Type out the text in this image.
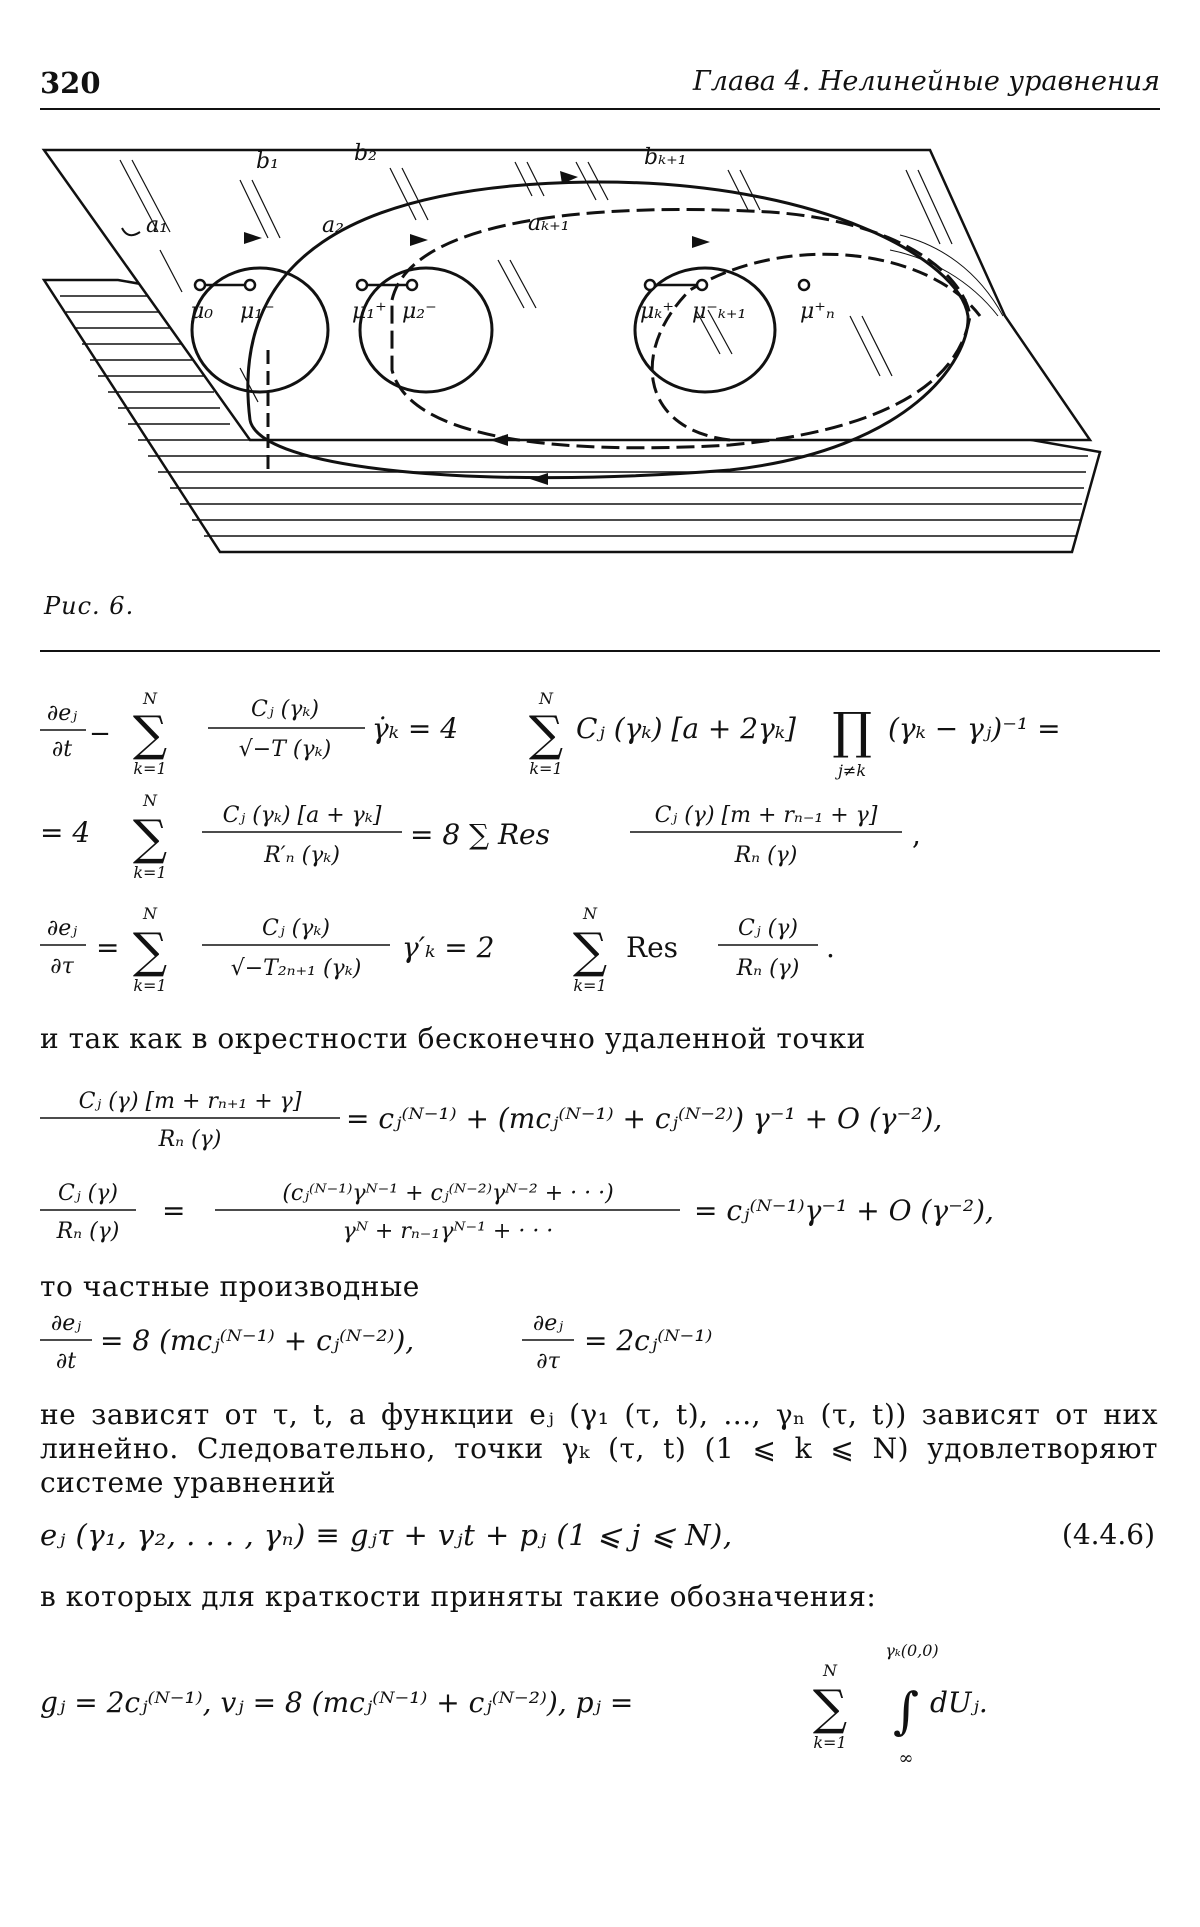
320	Глава 4. Нелинейные уравнения
a₁	a₂	aₖ₊₁
b₁	b₂	bₖ₊₁
μ₀ μ₁⁻	μ₁⁺ μ₂⁻	μₖ⁺ μ⁻ₖ₊₁ μ⁺ₙ
Рис. 6.
∂eⱼ
∂t
−
N
∑
k=1
Cⱼ (γₖ)
√−T (γₖ)
γ̇ₖ = 4
N
∑
k=1
Cⱼ (γₖ) [a + 2γₖ] ∏
j≠k
(γₖ − γⱼ)⁻¹ =
= 4
N
∑
k=1
Cⱼ (γₖ) [a + γₖ]
R′ₙ (γₖ)
= 8 ∑ Res
Cⱼ (γ) [m + rₙ₋₁ + γ]
Rₙ (γ)
,
∂eⱼ
∂τ
=
N
∑
k=1
Cⱼ (γₖ)
√−T₂ₙ₊₁ (γₖ)
γ′ₖ = 2
N
∑
k=1
Res
Cⱼ (γ)
Rₙ (γ)
.
и так как в окрестности бесконечно удаленной точки
Cⱼ (γ) [m + rₙ₊₁ + γ]
Rₙ (γ)
= cⱼ⁽ᴺ⁻¹⁾ + (mcⱼ⁽ᴺ⁻¹⁾ + cⱼ⁽ᴺ⁻²⁾) γ⁻¹ + O (γ⁻²),
Cⱼ (γ)
Rₙ (γ)
=
(cⱼ⁽ᴺ⁻¹⁾γᴺ⁻¹ + cⱼ⁽ᴺ⁻²⁾γᴺ⁻² + · · ·)
γᴺ + rₙ₋₁γᴺ⁻¹ + · · ·
= cⱼ⁽ᴺ⁻¹⁾γ⁻¹ + O (γ⁻²),
то частные производные
∂eⱼ
∂t
= 8 (mcⱼ⁽ᴺ⁻¹⁾ + cⱼ⁽ᴺ⁻²⁾),
∂eⱼ
∂τ
= 2cⱼ⁽ᴺ⁻¹⁾
не зависят от τ, t, а функции eⱼ (γ₁ (τ, t), ..., γₙ (τ, t)) зависят от них линейно. Следовательно, точки γₖ (τ, t) (1 ⩽ k ⩽ N) удовлетворяют системе уравнений
eⱼ (γ₁, γ₂, . . . , γₙ) ≡ gⱼτ + vⱼt + pⱼ (1 ⩽ j ⩽ N),	(4.4.6)
в которых для краткости приняты такие обозначения:
gⱼ = 2cⱼ⁽ᴺ⁻¹⁾, vⱼ = 8 (mcⱼ⁽ᴺ⁻¹⁾ + cⱼ⁽ᴺ⁻²⁾), pⱼ =
N
∑
k=1
γₖ(0,0)
∫
∞
dUⱼ.
